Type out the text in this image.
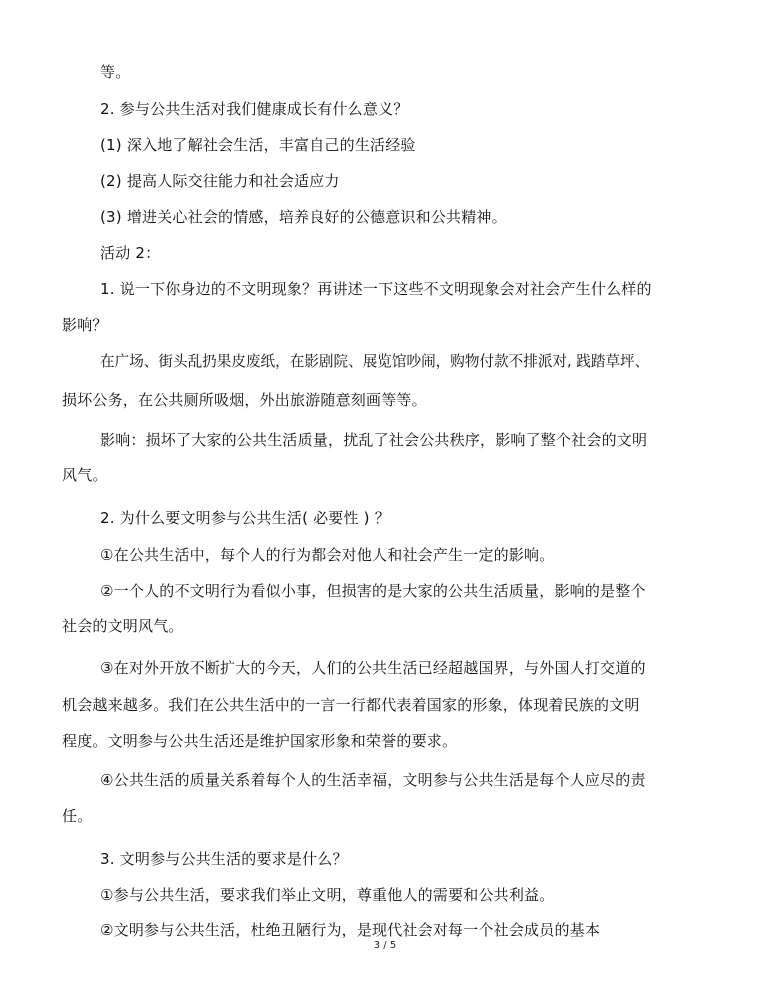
等。
2. 参与公共生活对我们健康成长有什么意义？
(1) 深入地了解社会生活，丰富自己的生活经验
(2) 提高人际交往能力和社会适应力
(3) 增进关心社会的情感，培养良好的公德意识和公共精神。
活动 2：
1. 说一下你身边的不文明现象？再讲述一下这些不文明现象会对社会产生什么样的
影响？
在广场、街头乱扔果皮废纸，在影剧院、展览馆吵闹，购物付款不排派对, 践踏草坪、
损坏公务，在公共厕所吸烟，外出旅游随意刻画等等。
影响：损坏了大家的公共生活质量，扰乱了社会公共秩序，影响了整个社会的文明
风气。
2. 为什么要文明参与公共生活( 必要性 ) ？
①在公共生活中，每个人的行为都会对他人和社会产生一定的影响。
②一个人的不文明行为看似小事，但损害的是大家的公共生活质量，影响的是整个
社会的文明风气。
③在对外开放不断扩大的今天，人们的公共生活已经超越国界，与外国人打交道的
机会越来越多。我们在公共生活中的一言一行都代表着国家的形象，体现着民族的文明
程度。文明参与公共生活还是维护国家形象和荣誉的要求。
④公共生活的质量关系着每个人的生活幸福，文明参与公共生活是每个人应尽的责
任。
3. 文明参与公共生活的要求是什么？
①参与公共生活，要求我们举止文明，尊重他人的需要和公共利益。
②文明参与公共生活，杜绝丑陋行为，是现代社会对每一个社会成员的基本
3 / 5
